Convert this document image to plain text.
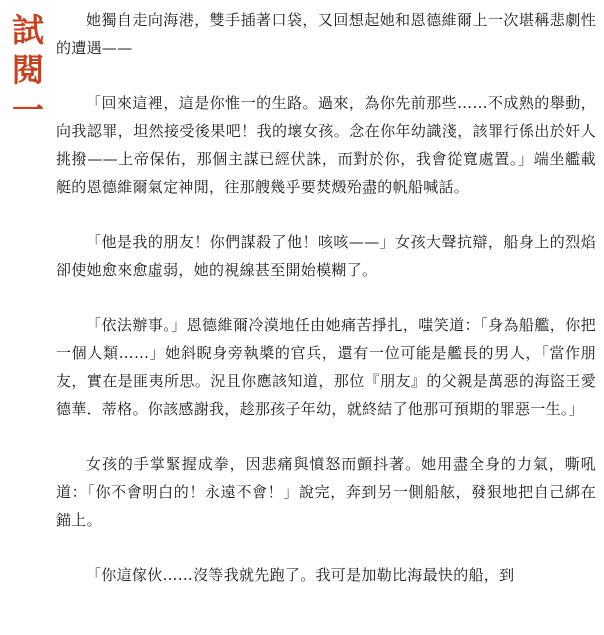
試
閱
一

她獨自走向海港，雙手插著口袋，又回想起她和恩德維爾上一次堪稱悲劇性的遭遇——

「回來這裡，這是你惟一的生路。過來，為你先前那些……不成熟的舉動，向我認罪，坦然接受後果吧！我的壞女孩。念在你年幼識淺，該罪行係出於奸人挑撥——上帝保佑，那個主謀已經伏誅，而對於你，我會從寬處置。」端坐艦載艇的恩德維爾氣定神閒，往那艘幾乎要焚燬殆盡的帆船喊話。

「他是我的朋友！你們謀殺了他！咳咳——」女孩大聲抗辯，船身上的烈焰卻使她愈來愈虛弱，她的視線甚至開始模糊了。

「依法辦事。」恩德維爾冷漠地任由她痛苦掙扎，嗤笑道：「身為船艦，你把一個人類……」她斜睨身旁執槳的官兵，還有一位可能是艦長的男人，「當作朋友，實在是匪夷所思。況且你應該知道，那位『朋友』的父親是萬惡的海盜王愛德華．蒂格。你該感謝我，趁那孩子年幼，就終結了他那可預期的罪惡一生。」

女孩的手掌緊握成拳，因悲痛與憤怒而顫抖著。她用盡全身的力氣，嘶吼道：「你不會明白的！永遠不會！」說完，奔到另一側船舷，發狠地把自己綁在錨上。

「你這傢伙……沒等我就先跑了。我可是加勒比海最快的船，到
